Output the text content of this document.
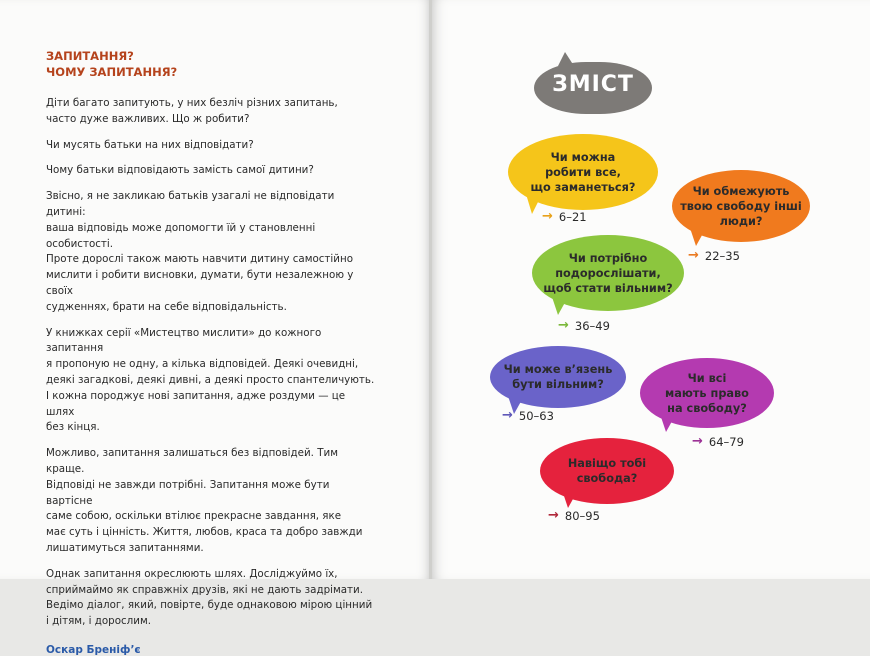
ЗАПИТАННЯ?
ЧОМУ ЗАПИТАННЯ?

Діти багато запитують, у них безліч різних запитань,
часто дуже важливих. Що ж робити?

Чи мусять батьки на них відповідати?

Чому батьки відповідають замість самої дитини?

Звісно, я не закликаю батьків узагалі не відповідати дитині:
ваша відповідь може допомогти їй у становленні особистості.
Проте дорослі також мають навчити дитину самостійно
мислити і робити висновки, думати, бути незалежною у своїх
судженнях, брати на себе відповідальність.

У книжках серії «Мистецтво мислити» до кожного запитання
я пропоную не одну, а кілька відповідей. Деякі очевидні,
деякі загадкові, деякі дивні, а деякі просто спантеличують.
І кожна породжує нові запитання, адже роздуми — це шлях
без кінця.

Можливо, запитання залишаться без відповідей. Тим краще.
Відповіді не завжди потрібні. Запитання може бути вартісне
саме собою, оскільки втілює прекрасне завдання, яке
має суть і цінність. Життя, любов, краса та добро завжди
лишатимуться запитаннями.

Однак запитання окреслюють шлях. Досліджуймо їх,
сприймаймо як справжніх друзів, які не дають задрімати.
Ведімо діалог, який, повірте, буде однаковою мірою цінний
і дітям, і дорослим.

Оскар Бреніф’є
ЗМІСТ
Чи можна
робити все,
що заманеться?
→ 6–21
Чи обмежують
твою свободу інші
люди?
→ 22–35
Чи потрібно
подорослішати,
щоб стати вільним?
→ 36–49
Чи може в’язень
бути вільним?
→ 50–63
Чи всі
мають право
на свободу?
→ 64–79
Навіщо тобі
свобода?
→ 80–95
